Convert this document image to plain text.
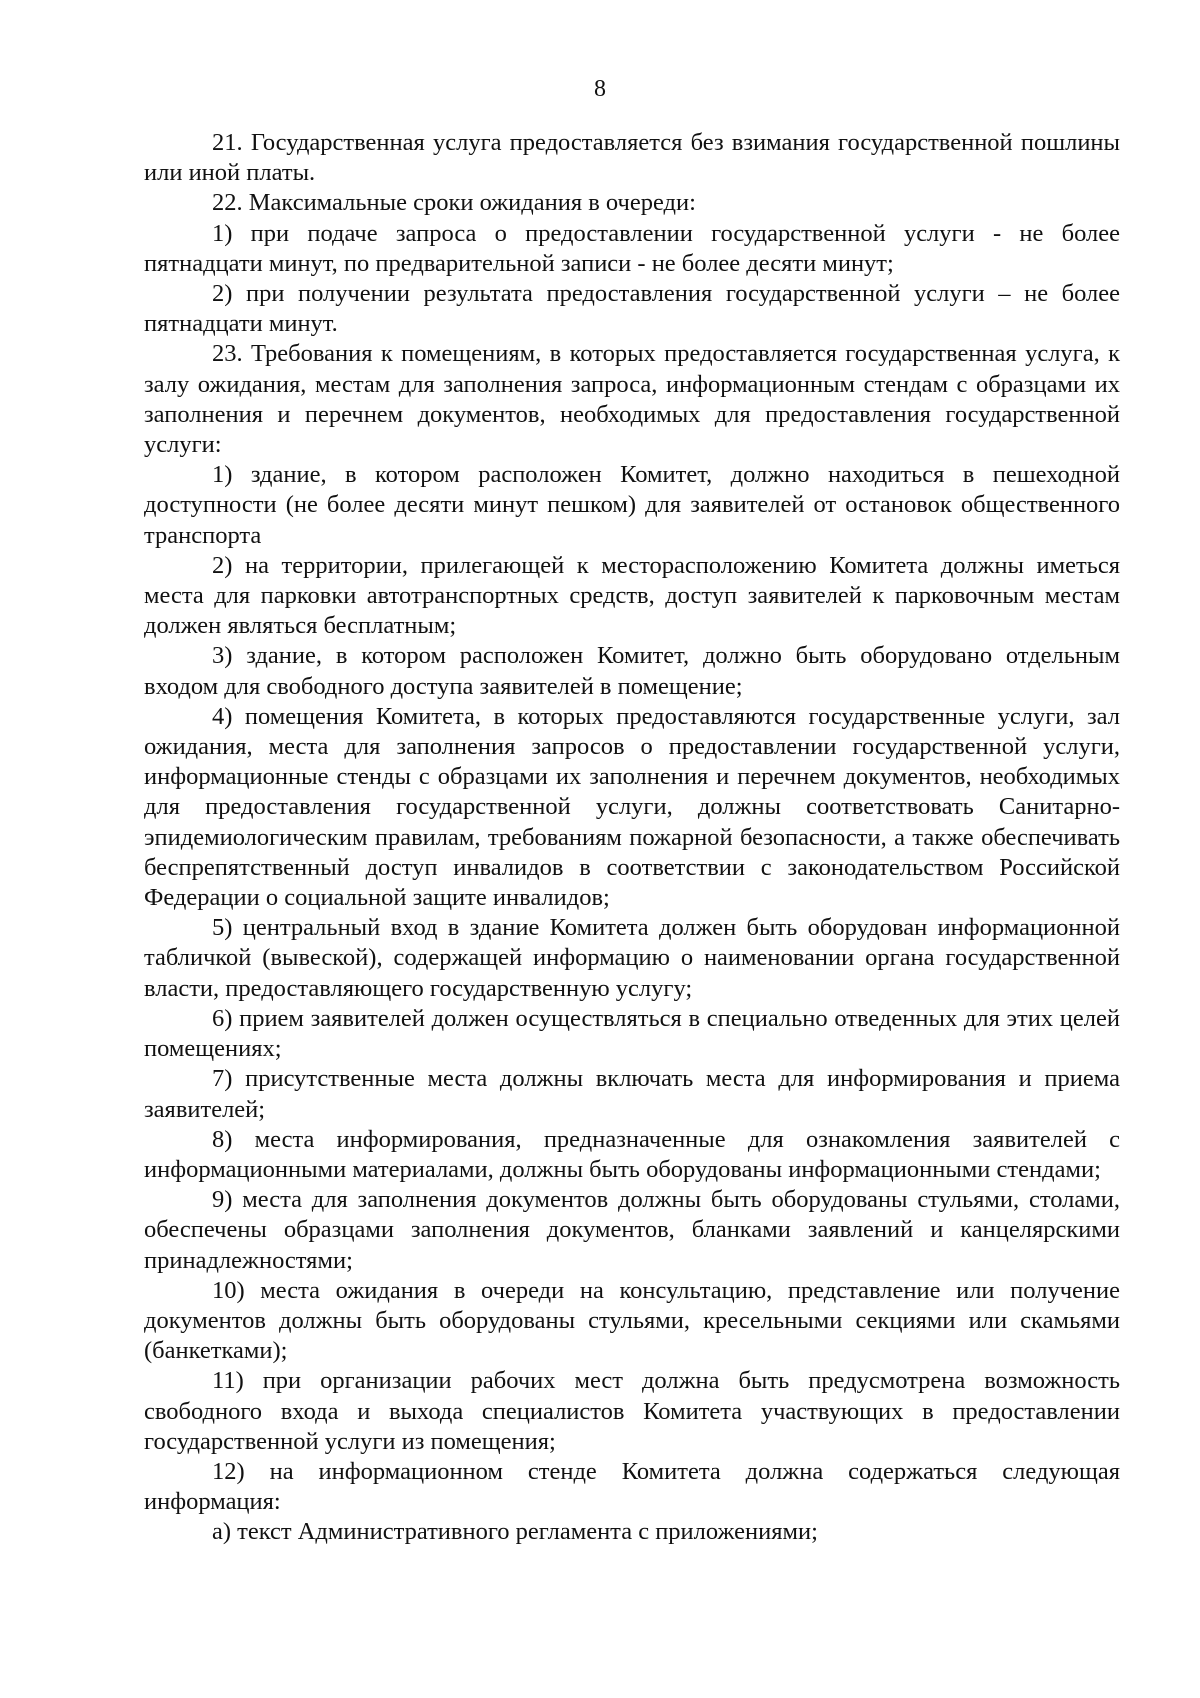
8

21. Государственная услуга предоставляется без взимания государственной пошлины или иной платы.

22. Максимальные сроки ожидания в очереди:

1) при подаче запроса о предоставлении государственной услуги - не более пятнадцати минут, по предварительной записи - не более десяти минут;

2) при получении результата предоставления государственной услуги – не более пятнадцати минут.

23. Требования к помещениям, в которых предоставляется государственная услуга, к залу ожидания, местам для заполнения запроса, информационным стендам с образцами их заполнения и перечнем документов, необходимых для предоставления государственной услуги:

1) здание, в котором расположен Комитет, должно находиться в пешеходной доступности (не более десяти минут пешком) для заявителей от остановок общественного транспорта

2) на территории, прилегающей к месторасположению Комитета должны иметься места для парковки автотранспортных средств, доступ заявителей к парковочным местам должен являться бесплатным;

3) здание, в котором расположен Комитет, должно быть оборудовано отдельным входом для свободного доступа заявителей в помещение;

4) помещения Комитета, в которых предоставляются государственные услуги, зал ожидания, места для заполнения запросов о предоставлении государственной услуги, информационные стенды с образцами их заполнения и перечнем документов, необходимых для предоставления государственной услуги, должны соответствовать Санитарно-эпидемиологическим правилам, требованиям пожарной безопасности, а также обеспечивать беспрепятственный доступ инвалидов в соответствии с законодательством Российской Федерации о социальной защите инвалидов;

5) центральный вход в здание Комитета должен быть оборудован информационной табличкой (вывеской), содержащей информацию о наименовании органа государственной власти, предоставляющего государственную услугу;

6) прием заявителей должен осуществляться в специально отведенных для этих целей помещениях;

7) присутственные места должны включать места для информирования и приема заявителей;

8) места информирования, предназначенные для ознакомления заявителей с информационными материалами, должны быть оборудованы информационными стендами;

9) места для заполнения документов должны быть оборудованы стульями, столами, обеспечены образцами заполнения документов, бланками заявлений и канцелярскими принадлежностями;

10) места ожидания в очереди на консультацию, представление или получение документов должны быть оборудованы стульями, кресельными секциями или скамьями (банкетками);

11) при организации рабочих мест должна быть предусмотрена возможность свободного входа и выхода специалистов Комитета участвующих в предоставлении государственной услуги из помещения;

12) на информационном стенде Комитета должна содержаться следующая информация:

а) текст Административного регламента с приложениями;
